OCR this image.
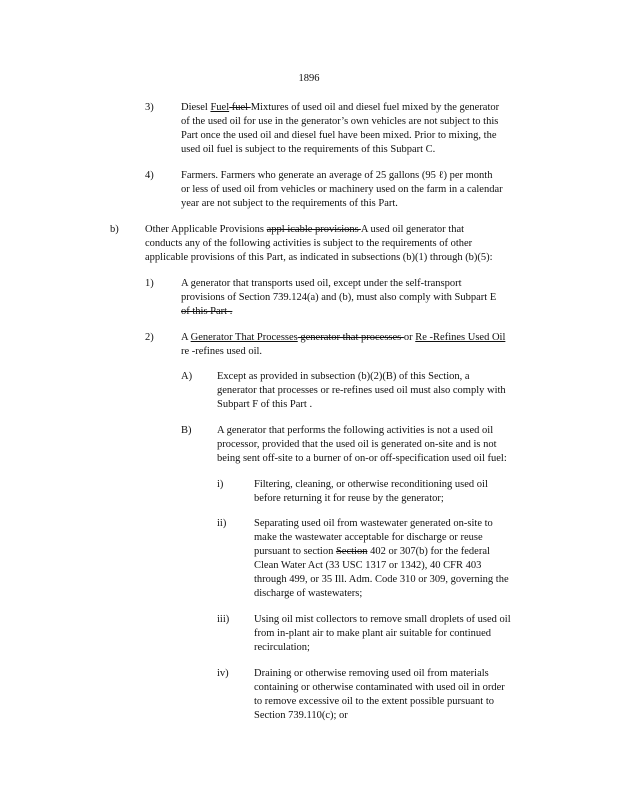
1896
3)	Diesel Fuel fuel Mixtures of used oil and diesel fuel mixed by the generator
of the used oil for use in the generator’s own vehicles are not subject to this
Part once the used oil and diesel fuel have been mixed. Prior to mixing, the
used oil fuel is subject to the requirements of this Subpart C.
4)	Farmers. Farmers who generate an average of 25 gallons (95 ℓ) per month
or less of used oil from vehicles or machinery used on the farm in a calendar
year are not subject to the requirements of this Part.
b)	Other Applicable Provisions appl icable provisions A used oil generator that
conducts any of the following activities is subject to the requirements of other
applicable provisions of this Part, as indicated in subsections (b)(1) through (b)(5):
1)	A generator that transports used oil, except under the self-transport
provisions of Section 739.124(a) and (b), must also comply with Subpart E
of this Part .
2)	A Generator That Processes generator that processes or Re -Refines Used Oil
re -refines used oil.
A) Except as provided in subsection (b)(2)(B) of this Section, a
generator that processes or re-refines used oil must also comply with
Subpart F of this Part .
B) A generator that performs the following activities is not a used oil
processor, provided that the used oil is generated on-site and is not
being sent off-site to a burner of on-or off-specification used oil fuel:
i)	Filtering, cleaning, or otherwise reconditioning used oil
before returning it for reuse by the generator;
ii)	Separating used oil from wastewater generated on-site to
make the wastewater acceptable for discharge or reuse
pursuant to section Section 402 or 307(b) for the federal
Clean Water Act (33 USC 1317 or 1342), 40 CFR 403
through 499, or 35 Ill. Adm. Code 310 or 309, governing the
discharge of wastewaters;
iii) Using oil mist collectors to remove small droplets of used oil
from in-plant air to make plant air suitable for continued
recirculation;
iv) Draining or otherwise removing used oil from materials
containing or otherwise contaminated with used oil in order
to remove excessive oil to the extent possible pursuant to
Section 739.110(c); or
